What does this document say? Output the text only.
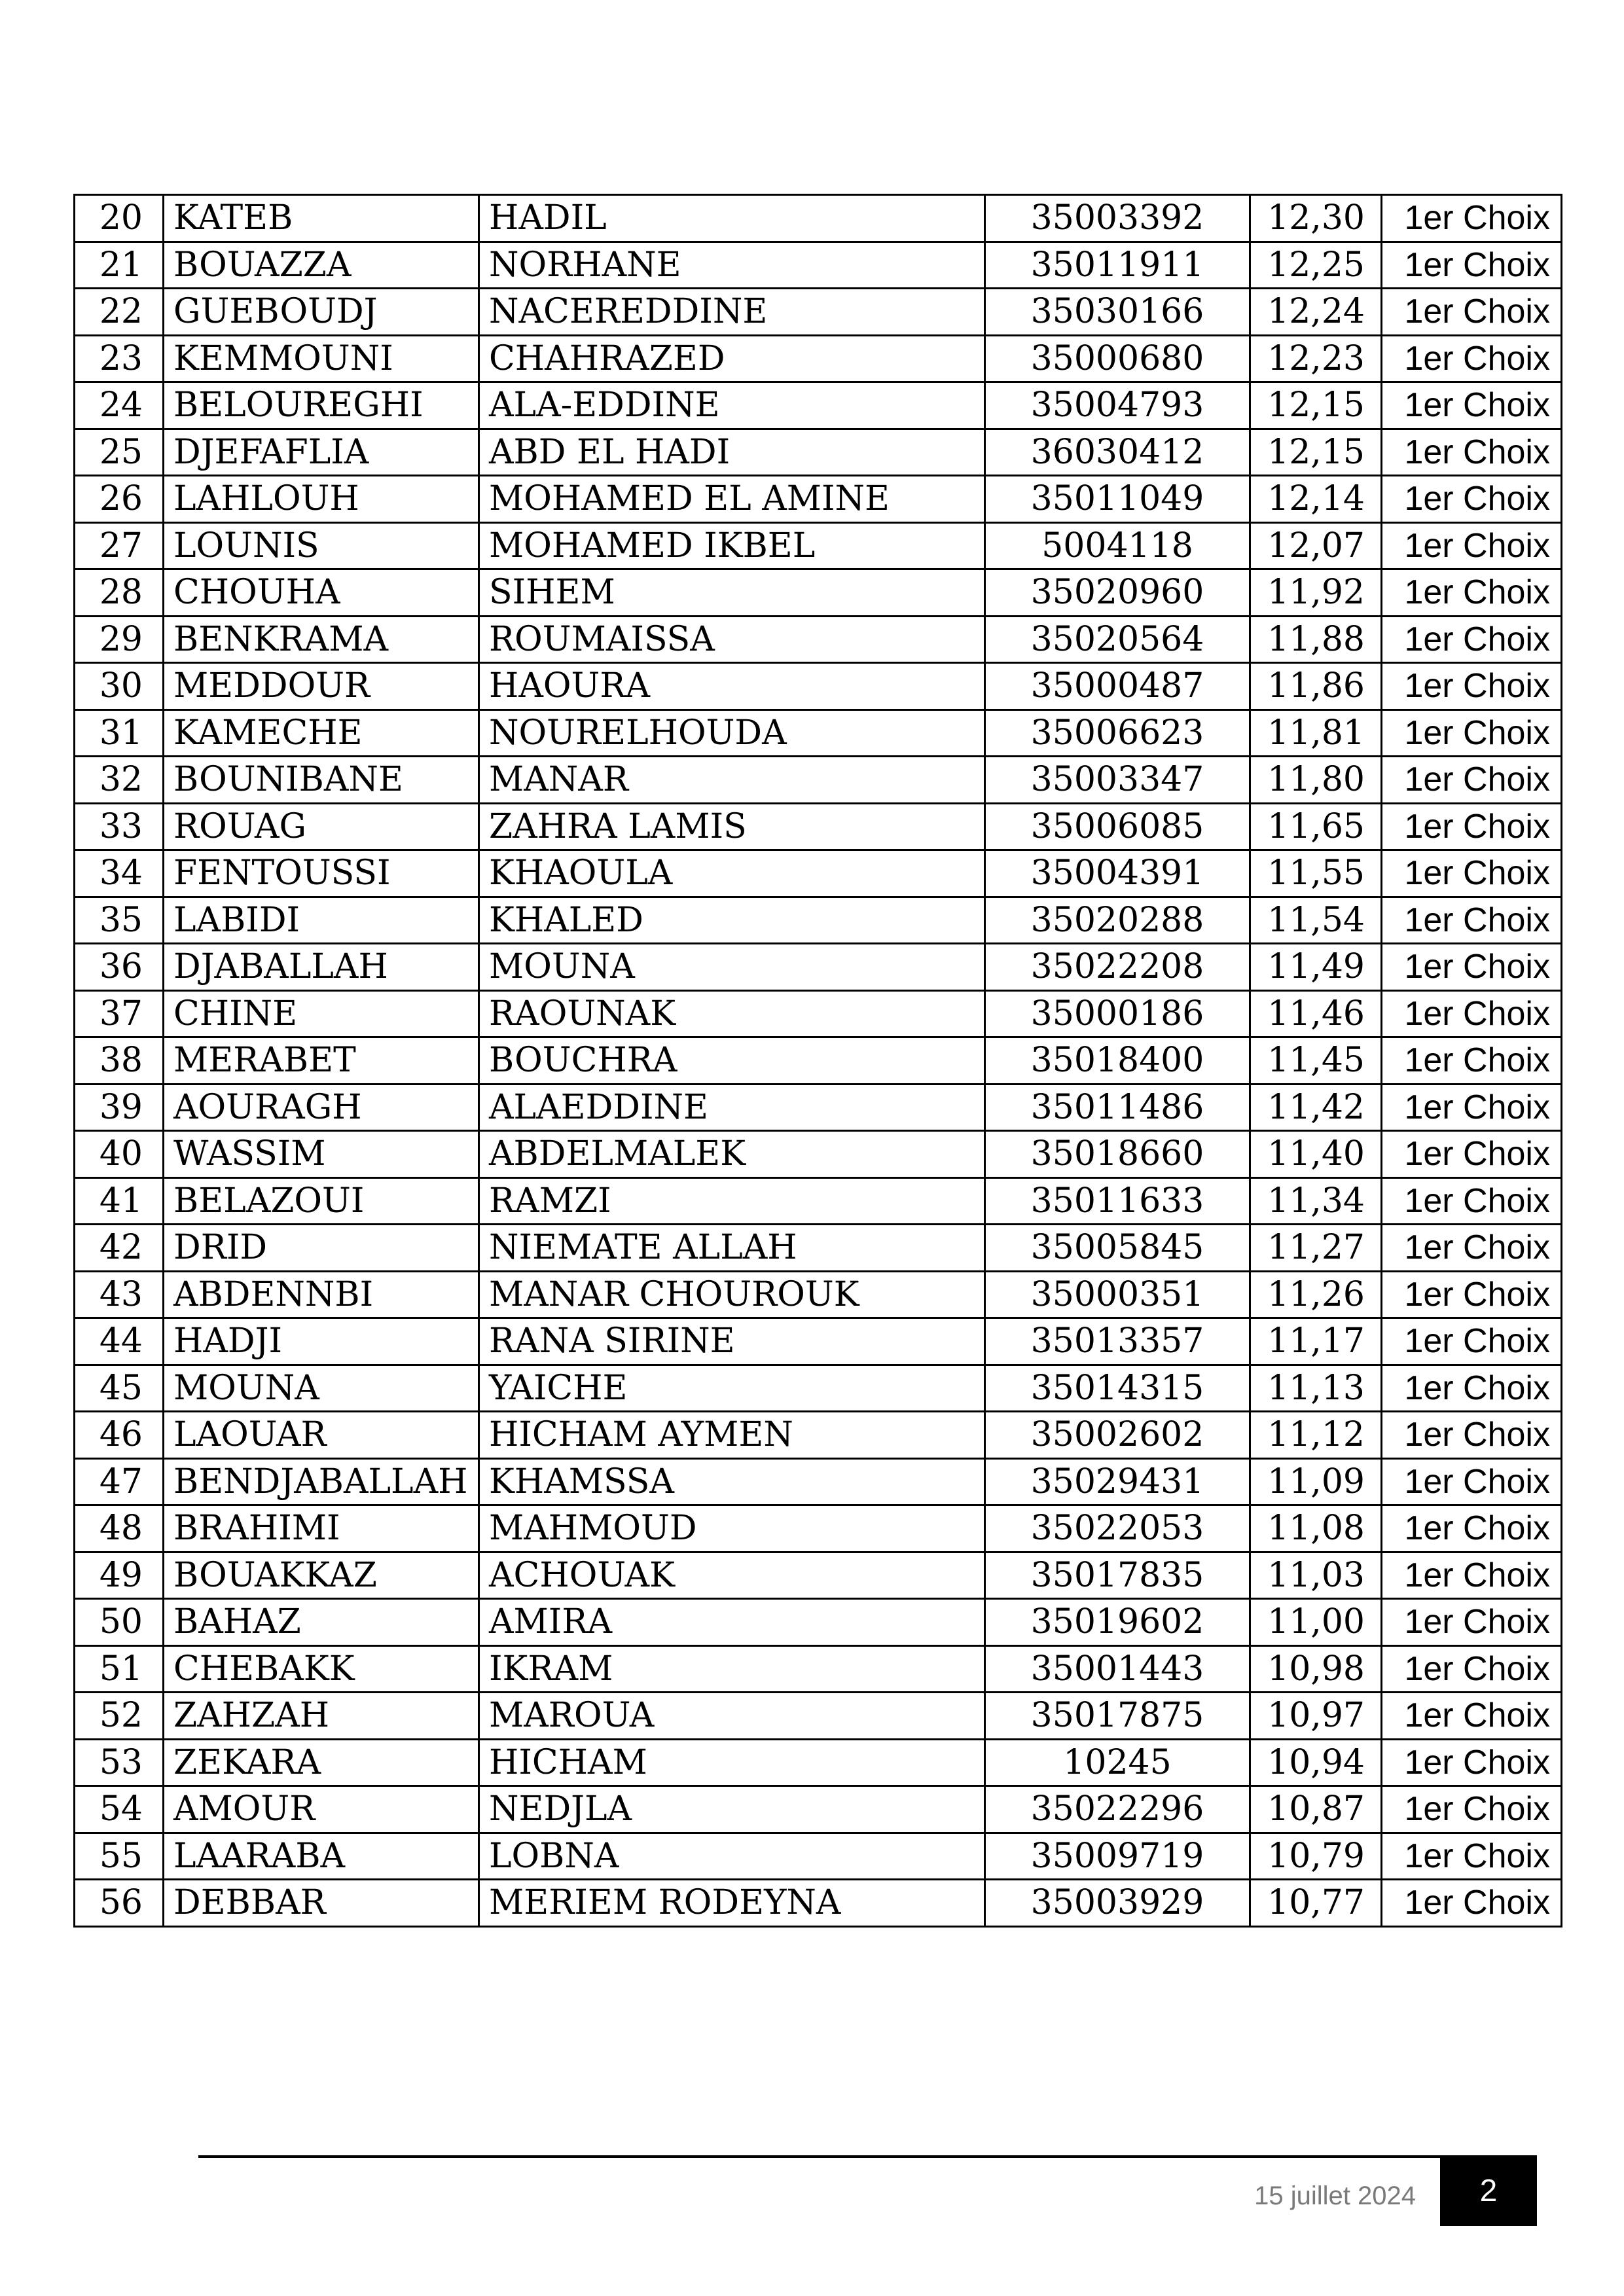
20	KATEB	HADIL	35003392	12,30	1er Choix
21	BOUAZZA	NORHANE	35011911	12,25	1er Choix
22	GUEBOUDJ	NACEREDDINE	35030166	12,24	1er Choix
23	KEMMOUNI	CHAHRAZED	35000680	12,23	1er Choix
24	BELOUREGHI	ALA-EDDINE	35004793	12,15	1er Choix
25	DJEFAFLIA	ABD EL HADI	36030412	12,15	1er Choix
26	LAHLOUH	MOHAMED EL AMINE	35011049	12,14	1er Choix
27	LOUNIS	MOHAMED IKBEL	5004118	12,07	1er Choix
28	CHOUHA	SIHEM	35020960	11,92	1er Choix
29	BENKRAMA	ROUMAISSA	35020564	11,88	1er Choix
30	MEDDOUR	HAOURA	35000487	11,86	1er Choix
31	KAMECHE	NOURELHOUDA	35006623	11,81	1er Choix
32	BOUNIBANE	MANAR	35003347	11,80	1er Choix
33	ROUAG	ZAHRA LAMIS	35006085	11,65	1er Choix
34	FENTOUSSI	KHAOULA	35004391	11,55	1er Choix
35	LABIDI	KHALED	35020288	11,54	1er Choix
36	DJABALLAH	MOUNA	35022208	11,49	1er Choix
37	CHINE	RAOUNAK	35000186	11,46	1er Choix
38	MERABET	BOUCHRA	35018400	11,45	1er Choix
39	AOURAGH	ALAEDDINE	35011486	11,42	1er Choix
40	WASSIM	ABDELMALEK	35018660	11,40	1er Choix
41	BELAZOUI	RAMZI	35011633	11,34	1er Choix
42	DRID	NIEMATE ALLAH	35005845	11,27	1er Choix
43	ABDENNBI	MANAR CHOUROUK	35000351	11,26	1er Choix
44	HADJI	RANA SIRINE	35013357	11,17	1er Choix
45	MOUNA	YAICHE	35014315	11,13	1er Choix
46	LAOUAR	HICHAM AYMEN	35002602	11,12	1er Choix
47	BENDJABALLAH	KHAMSSA	35029431	11,09	1er Choix
48	BRAHIMI	MAHMOUD	35022053	11,08	1er Choix
49	BOUAKKAZ	ACHOUAK	35017835	11,03	1er Choix
50	BAHAZ	AMIRA	35019602	11,00	1er Choix
51	CHEBAKK	IKRAM	35001443	10,98	1er Choix
52	ZAHZAH	MAROUA	35017875	10,97	1er Choix
53	ZEKARA	HICHAM	10245	10,94	1er Choix
54	AMOUR	NEDJLA	35022296	10,87	1er Choix
55	LAARABA	LOBNA	35009719	10,79	1er Choix
56	DEBBAR	MERIEM RODEYNA	35003929	10,77	1er Choix
15 juillet 2024	2
